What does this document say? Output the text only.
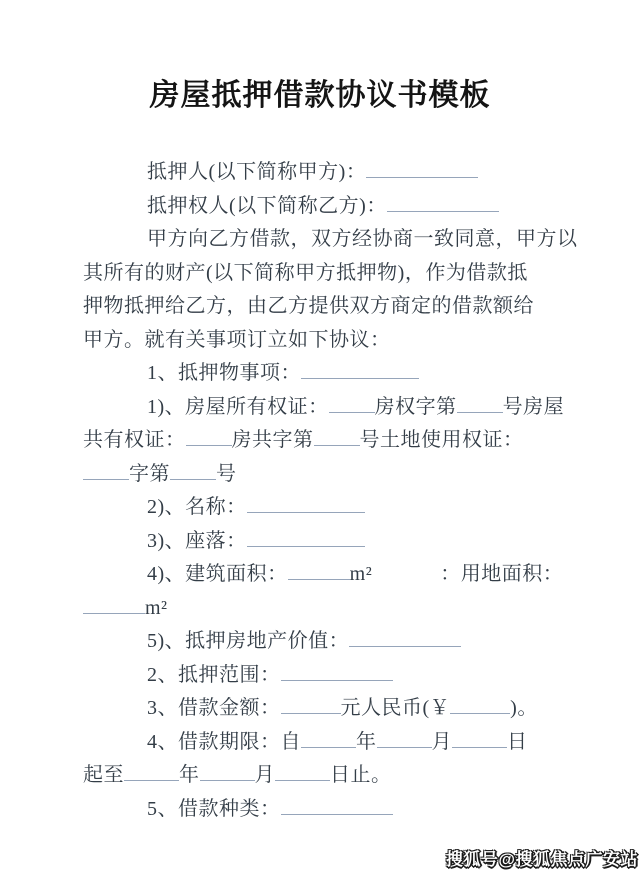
房屋抵押借款协议书模板
抵押人(以下简称甲方)：
抵押权人(以下简称乙方)：
甲方向乙方借款，双方经协商一致同意，甲方以
其所有的财产(以下简称甲方抵押物)，作为借款抵
押物抵押给乙方，由乙方提供双方商定的借款额给
甲方。就有关事项订立如下协议：
1、抵押物事项：
1)、房屋所有权证： 房权字第 号房屋
共有权证： 房共字第 号土地使用权证：
字第 号
2)、名称：
3)、座落：
4)、建筑面积：	m²	：用地面积：
m²
5)、抵押房地产价值：
2、抵押范围：
3、借款金额：	元人民币(￥	)。
4、借款期限：自	年	月	日
起至	年	月	日止。
5、借款种类：
搜狐号@搜狐焦点广安站
